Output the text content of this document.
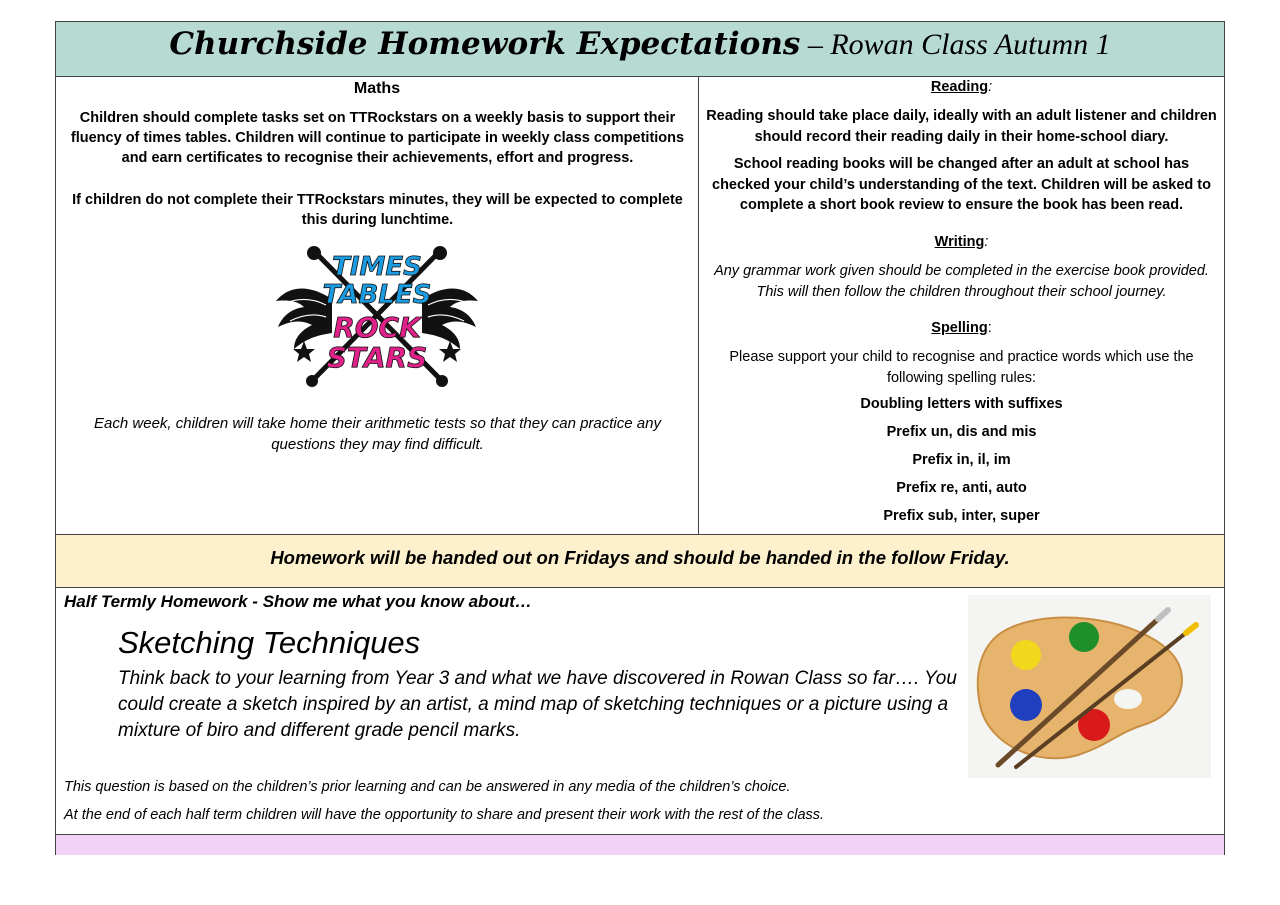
Churchside Homework Expectations – Rowan Class Autumn 1
Maths
Children should complete tasks set on TTRockstars on a weekly basis to support their fluency of times tables. Children will continue to participate in weekly class competitions and earn certificates to recognise their achievements, effort and progress.
If children do not complete their TTRockstars minutes, they will be expected to complete this during lunchtime.
TIMES
TABLES
ROCK
STARS
Each week, children will take home their arithmetic tests so that they can practice any questions they may find difficult.
Reading:
Reading should take place daily, ideally with an adult listener and children should record their reading daily in their home-school diary.
School reading books will be changed after an adult at school has checked your child’s understanding of the text. Children will be asked to complete a short book review to ensure the book has been read.
Writing:
Any grammar work given should be completed in the exercise book provided. This will then follow the children throughout their school journey.
Spelling:
Please support your child to recognise and practice words which use the following spelling rules:
Doubling letters with suffixes
Prefix un, dis and mis
Prefix in, il, im
Prefix re, anti, auto
Prefix sub, inter, super
Homework will be handed out on Fridays and should be handed in the follow Friday.
Half Termly Homework - Show me what you know about…
Sketching Techniques
Think back to your learning from Year 3 and what we have discovered in Rowan Class so far…. You could create a sketch inspired by an artist, a mind map of sketching techniques or a picture using a mixture of biro and different grade pencil marks.
This question is based on the children’s prior learning and can be answered in any media of the children’s choice.
At the end of each half term children will have the opportunity to share and present their work with the rest of the class.
